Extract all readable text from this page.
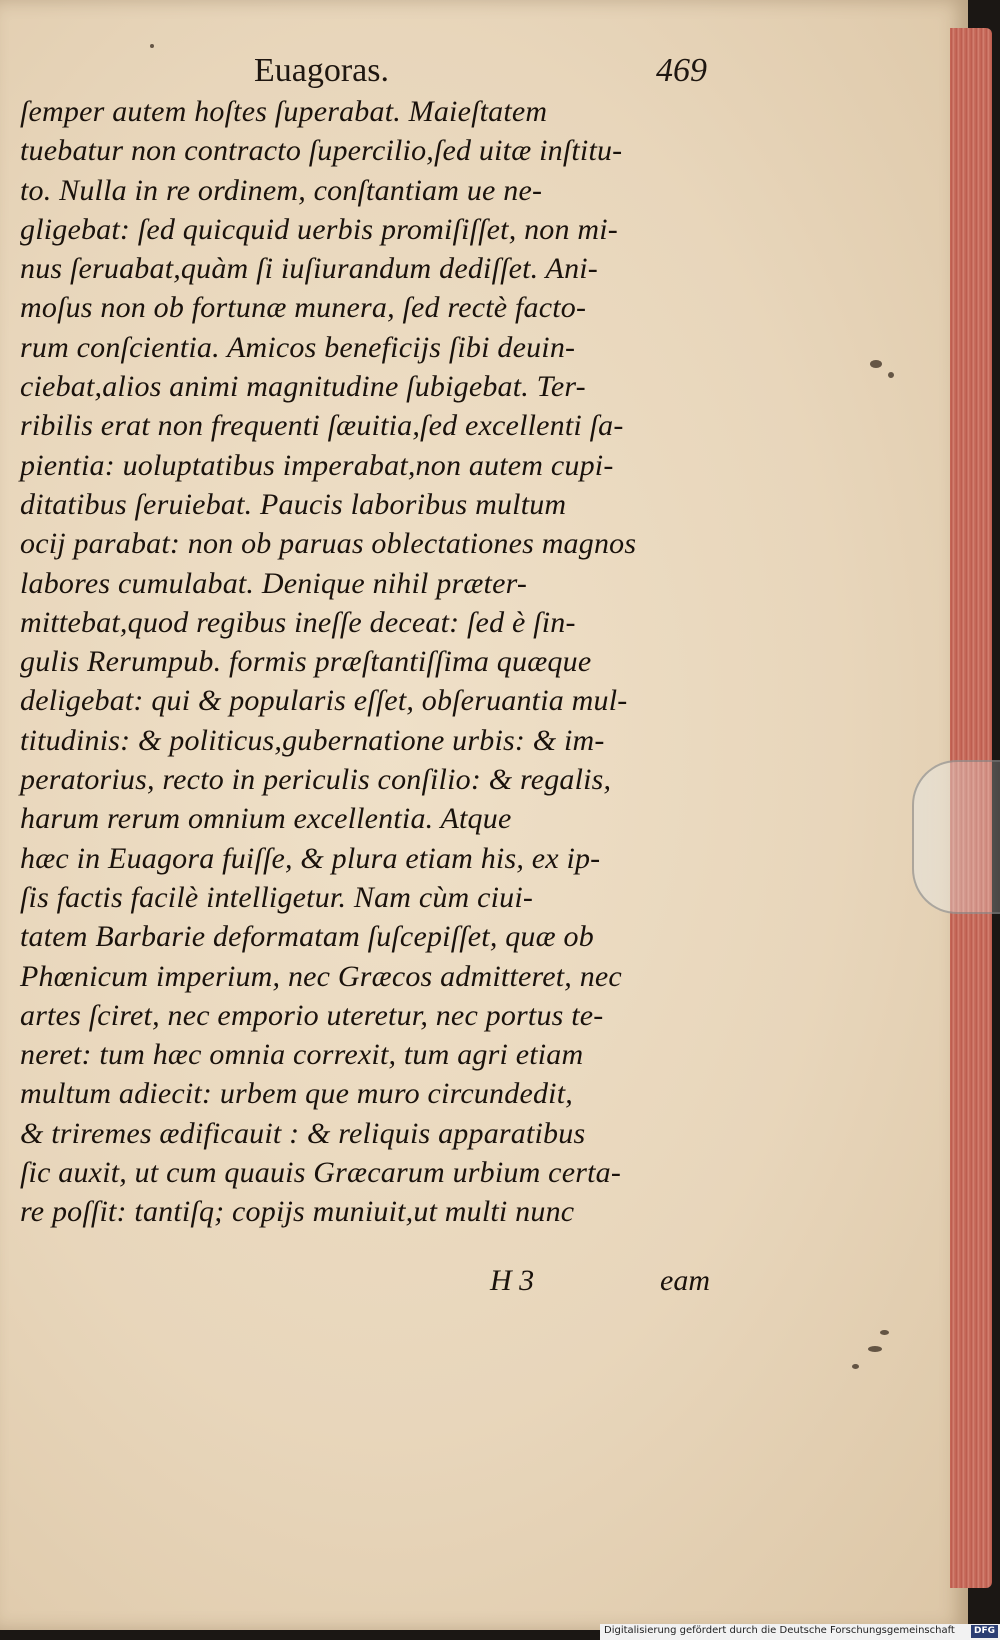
Euagoras.	469
ſemper autem hoſtes ſuperabat. Maieſtatem
tuebatur non contracto ſupercilio,ſed uitæ inſtitu-
to. Nulla in re ordinem, conſtantiam ue ne-
gligebat: ſed quicquid uerbis promiſiſſet, non mi-
nus ſeruabat,quàm ſi iuſiurandum dediſſet. Ani-
moſus non ob fortunæ munera, ſed rectè facto-
rum conſcientia. Amicos beneficijs ſibi deuin-
ciebat,alios animi magnitudine ſubigebat. Ter-
ribilis erat non frequenti ſæuitia,ſed excellenti ſa-
pientia: uoluptatibus imperabat,non autem cupi-
ditatibus ſeruiebat. Paucis laboribus multum
ocij parabat: non ob paruas oblectationes magnos
labores cumulabat. Denique nihil præter-
mittebat,quod regibus ineſſe deceat: ſed è ſin-
gulis Rerumpub. formis præſtantiſſima quæque
deligebat: qui & popularis eſſet, obſeruantia mul-
titudinis: & politicus,gubernatione urbis: & im-
peratorius, recto in periculis conſilio: & regalis,
harum rerum omnium excellentia. Atque
hæc in Euagora fuiſſe, & plura etiam his, ex ip-
ſis factis facilè intelligetur. Nam cùm ciui-
tatem Barbarie deformatam ſuſcepiſſet, quæ ob
Phœnicum imperium, nec Græcos admitteret, nec
artes ſciret, nec emporio uteretur, nec portus te-
neret: tum hæc omnia correxit, tum agri etiam
multum adiecit: urbem que muro circundedit,
& triremes ædificauit : & reliquis apparatibus
ſic auxit, ut cum quauis Græcarum urbium certa-
re poſſit: tantiſq; copijs muniuit,ut multi nunc
H 3	eam
Digitalisierung gefördert durch die Deutsche Forschungsgemeinschaft	DFG
